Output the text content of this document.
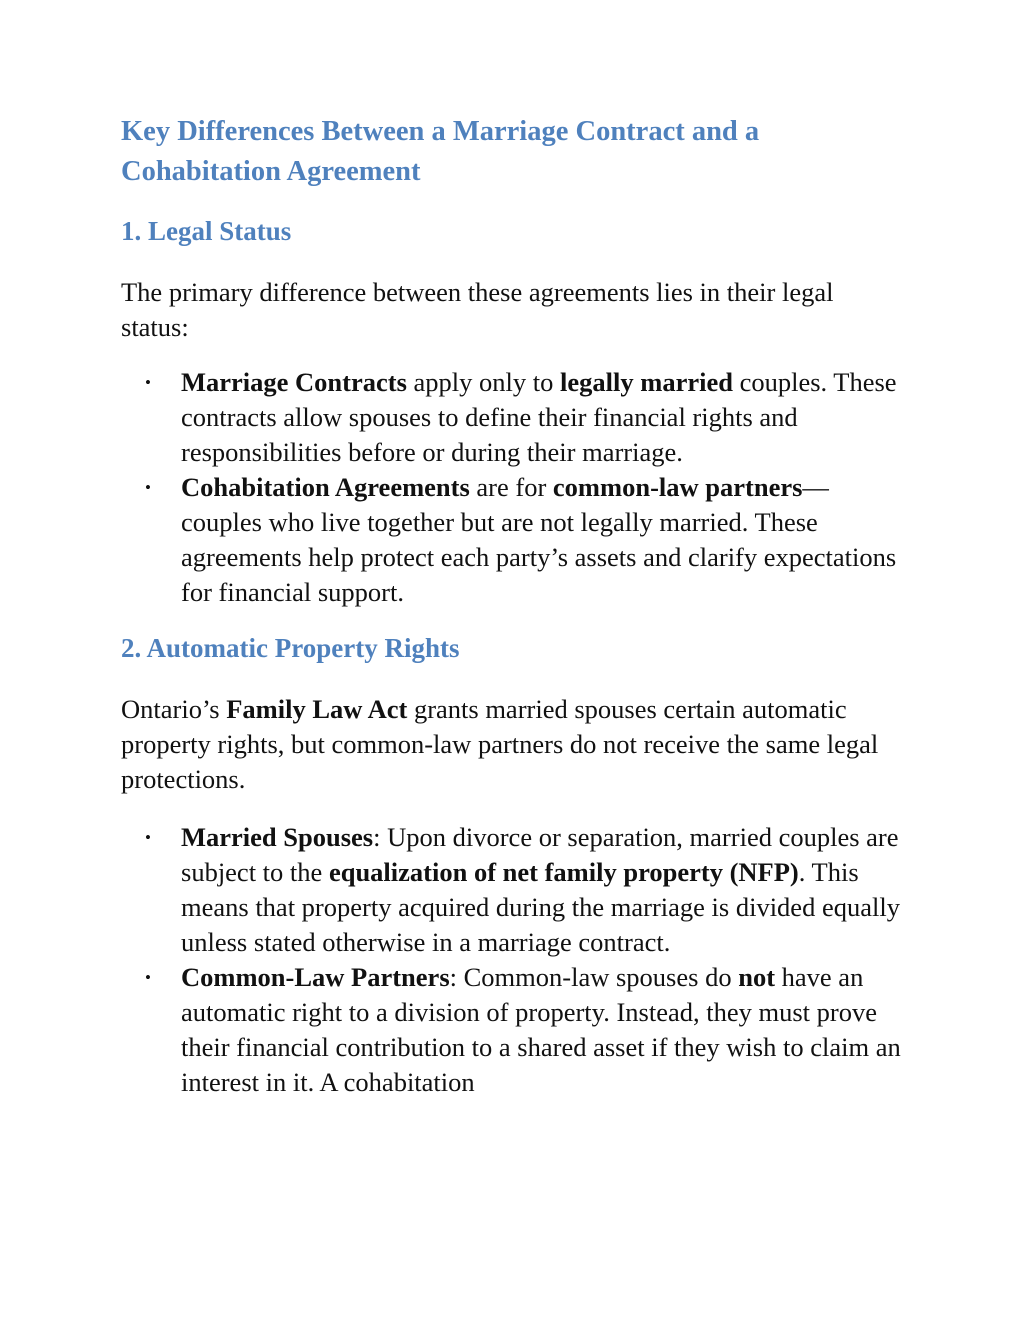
Key Differences Between a Marriage Contract and a Cohabitation Agreement
1. Legal Status

The primary difference between these agreements lies in their legal status:

• Marriage Contracts apply only to legally married couples. These contracts allow spouses to define their financial rights and responsibilities before or during their marriage.
• Cohabitation Agreements are for common-law partners—couples who live together but are not legally married. These agreements help protect each party’s assets and clarify expectations for financial support.
2. Automatic Property Rights

Ontario’s Family Law Act grants married spouses certain automatic property rights, but common-law partners do not receive the same legal protections.

• Married Spouses: Upon divorce or separation, married couples are subject to the equalization of net family property (NFP). This means that property acquired during the marriage is divided equally unless stated otherwise in a marriage contract.
• Common-Law Partners: Common-law spouses do not have an automatic right to a division of property. Instead, they must prove their financial contribution to a shared asset if they wish to claim an interest in it. A cohabitation
